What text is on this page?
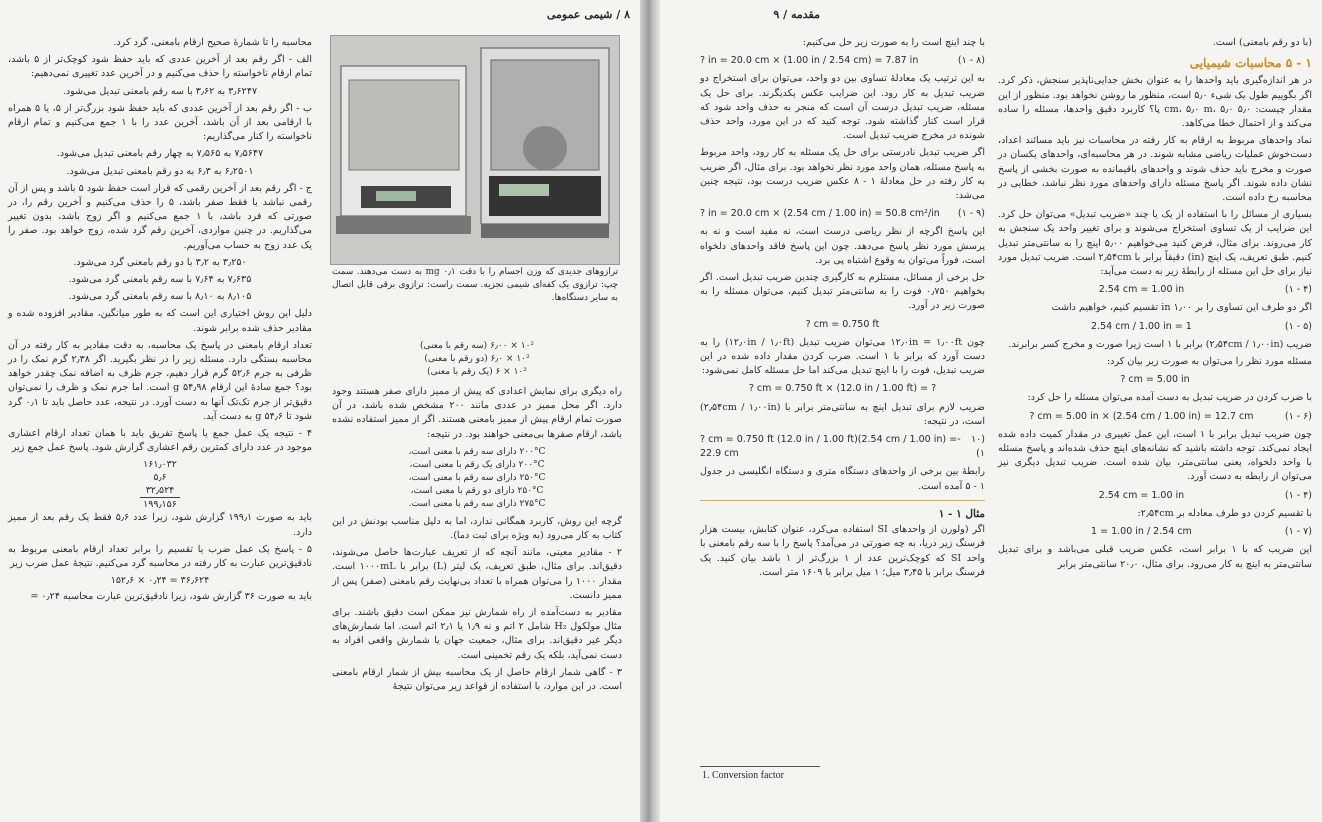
۸ / شیمی عمومی

محاسبه را تا شمارهٔ صحیح ارقام بامعنی، گرد کرد.

الف - اگر رقم بعد از آخرین عددی که باید حفظ شود کوچک‌تر از ۵ باشد، تمام ارقام ناخواسته را حذف می‌کنیم و در آخرین عدد تغییری نمی‌دهیم:

۳٫۶۲۴۷ به ۳٫۶۲ با سه رقم بامعنی تبدیل می‌شود.

ب - اگر رقم بعد از آخرین عددی که باید حفظ شود بزرگ‌تر از ۵، یا ۵ همراه با ارقامی بعد از آن باشد، آخرین عدد را با ۱ جمع می‌کنیم و تمام ارقام ناخواسته را کنار می‌گذاریم:

۷٫۵۶۴۷ به ۷٫۵۶۵ به چهار رقم بامعنی تبدیل می‌شود.

۶٫۲۵۰۱ به ۶٫۳ به دو رقم بامعنی تبدیل می‌شود.

ج - اگر رقم بعد از آخرین رقمی که قرار است حفظ شود ۵ باشد و پس از آن رقمی نباشد یا فقط صفر باشد، ۵ را حذف می‌کنیم و آخرین رقم را، در صورتی که فرد باشد، با ۱ جمع می‌کنیم و اگر زوج باشد، بدون تغییر می‌گذاریم. در چنین مواردی، آخرین رقم گرد شده، زوج خواهد بود. صفر را یک عدد زوج به حساب می‌آوریم.

۳٫۲۵۰ به ۳٫۲ با دو رقم بامعنی گرد می‌شود.

۷٫۶۳۵ به ۷٫۶۴ با سه رقم بامعنی گرد می‌شود.

۸٫۱۰۵ به ۸٫۱۰ با سه رقم بامعنی گرد می‌شود.

دلیل این روش اختیاری این است که به طور میانگین، مقادیر افزوده شده و مقادیر حذف شده برابر شوند.

تعداد ارقام بامعنی در پاسخ یک محاسبه، به دقت مقادیر به کار رفته در آن محاسبه بستگی دارد. مسئله زیر را در نظر بگیرید. اگر ۲٫۳۸ گرم نمک را در ظرفی به جرم ۵۲٫۶ گرم قرار دهیم، جرم ظرف به اضافه نمک چقدر خواهد بود؟ جمع سادهٔ این ارقام ۵۴٫۹۸ g است. اما جرم نمک و ظرف را نمی‌توان دقیق‌تر از جرم تک‌تک آنها به دست آورد. در نتیجه، عدد حاصل باید تا ۰٫۱ گرد شود تا ۵۴٫۶ g به دست آید.

۴ - نتیجه یک عمل جمع یا پاسخ تفریق باید با همان تعداد ارقام اعشاری موجود در عدد دارای کمترین رقم اعشاری گزارش شود. پاسخ عمل جمع زیر

۱۶۱٫۰۳۲
۵٫۶
۳۲٫۵۲۴
۱۹۹٫۱۵۶

باید به صورت ۱۹۹٫۱ گزارش شود، زیرا عدد ۵٫۶ فقط یک رقم بعد از ممیز دارد.

۵ - پاسخ یک عمل ضرب یا تقسیم را برابر تعداد ارقام بامعنی مربوط به نادقیق‌ترین عبارت به کار رفته در محاسبه گرد می‌کنیم. نتیجهٔ عمل ضرب زیر

۱۵۲٫۶ × ۰٫۲۴ = ۳۶٫۶۲۴

باید به صورت ۳۶ گزارش شود، زیرا نادقیق‌ترین عبارت محاسبه ۰٫۲۴ =

ترازوهای جدیدی که وزن اجسام را با دقت mg ۰٫۱ به دست می‌دهند. سمت چپ: ترازوی یک کفه‌ای شیمی تجزیه. سمت راست: ترازوی برقی قابل اتصال به سایر دستگاه‌ها.
۱۰² × ۶٫۰۰ (سه رقم با معنی)
۱۰² × ۶٫۰ (دو رقم با معنی)
۱۰² × ۶ (یک رقم با معنی)

راه دیگری برای نمایش اعدادی که پیش از ممیز دارای صفر هستند وجود دارد. اگر محل ممیز در عددی مانند ۲۰۰ مشخص شده باشد، در آن صورت تمام ارقام پیش از ممیز بامعنی هستند. اگر از ممیز استفاده نشده باشد، ارقام صفرها بی‌معنی خواهند بود. در نتیجه:

۲۰۰°C دارای سه رقم با معنی است،
۲۰۰°C دارای یک رقم با معنی است،
۲۵۰°C دارای سه رقم با معنی است،
۲۵۰°C دارای دو رقم با معنی است،
۲۷۵°C دارای سه رقم با معنی است.

گرچه این روش، کاربرد همگانی ندارد، اما به دلیل مناسب بودنش در این کتاب به کار می‌رود (به ویژه برای ثبت دما).

۲ - مقادیر معینی، مانند آنچه که از تعریف عبارت‌ها حاصل می‌شوند، دقیق‌اند. برای مثال، طبق تعریف، یک لیتر (L) برابر با ۱۰۰۰mL است. مقدار ۱۰۰۰ را می‌توان همراه با تعداد بی‌نهایت رقم بامعنی (صفر) پس از ممیز دانست.

مقادیر به دست‌آمده از راه شمارش نیز ممکن است دقیق باشند. برای مثال مولکول H₂ شامل ۲ اتم و نه ۱٫۹ یا ۲٫۱ اتم است. اما شمارش‌های دیگر غیر دقیق‌اند. برای مثال، جمعیت جهان یا شمارش واقعی افراد به دست نمی‌آید، بلکه یک رقم تخمینی است.

۳ - گاهی شمار ارقام حاصل از یک محاسبه بیش از شمار ارقام بامعنی است. در این موارد، با استفاده از قواعد زیر می‌توان نتیجهٔ

مقدمه / ۹

(با دو رقم بامعنی) است.

۱ - ۵ محاسبات شیمیایی

در هر اندازه‌گیری باید واحدها را به عنوان بخش جدایی‌ناپذیر سنجش، ذکر کرد. اگر بگوییم طول یک شیء ۵٫۰ است، منظور ما روشن نخواهد بود. منظور از این مقدار چیست: ۵٫۰ cm، ۵٫۰ m، ۵٫۰ پا؟ کاربرد دقیق واحدها، مسئله را ساده می‌کند و از احتمال خطا می‌کاهد.

نماد واحدهای مربوط به ارقام به کار رفته در محاسبات نیز باید مسائند اعداد، دست‌خوش عملیات ریاضی مشابه شوند. در هر محاسبه‌ای، واحدهای یکسان در صورت و مخرج باید حذف شوند و واحدهای باقیمانده به صورت بخشی از پاسخ نشان داده شوند. اگر پاسخ مسئله دارای واحدهای مورد نظر نباشد، خطایی در محاسبه رخ داده است.

بسیاری از مسائل را با استفاده از یک یا چند «ضریب تبدیل» می‌توان حل کرد. این ضرایب از یک تساوی استخراج می‌شوند و برای تغییر واحد یک سنجش به کار می‌روند. برای مثال، فرض کنید می‌خواهیم ۵٫۰۰ اینچ را به سانتی‌متر تبدیل کنیم. طبق تعریف، یک اینچ (in) دقیقاً برابر با ۲٫۵۴cm است. ضریب تبدیل مورد نیاز برای حل این مسئله از رابطهٔ زیر به دست می‌آید:

(۴ - ۱)
2.54 cm = 1.00 in

اگر دو طرف این تساوی را بر ۱٫۰۰ in تقسیم کنیم، خواهیم داشت

(۵ - ۱)
2.54 cm / 1.00 in = 1

ضریب (۲٫۵۴cm / ۱٫۰۰in) برابر با ۱ است زیرا صورت و مخرج کسر برابرند.

مسئله مورد نظر را می‌توان به صورت زیر بیان کرد:

? cm = 5.00 in

با ضرب کردن در ضریب تبدیل به دست آمده می‌توان مسئله را حل کرد:

(۶ - ۱)
? cm = 5.00 in × (2.54 cm / 1.00 in) = 12.7 cm

چون ضریب تبدیل برابر با ۱ است، این عمل تغییری در مقدار کمیت داده شده ایجاد نمی‌کند. توجه داشته باشید که نشانه‌های اینچ حذف شده‌اند و پاسخ مسئله با واحد دلخواه، یعنی سانتی‌متر، بیان شده است. ضریب تبدیل دیگری نیز می‌توان از رابطه به دست آورد.

(۴ - ۱)
2.54 cm = 1.00 in

با تقسیم کردن دو طرف معادله بر ۲٫۵۴cm:

(۷ - ۱)
1 = 1.00 in / 2.54 cm

این ضریب که با ۱ برابر است، عکس ضریب قبلی می‌باشد و برای تبدیل سانتی‌متر به اینچ به کار می‌رود. برای مثال، ۲۰٫۰ سانتی‌متر برابر

با چند اینچ است را به صورت زیر حل می‌کنیم:

(۸ - ۱)
? in = 20.0 cm × (1.00 in / 2.54 cm) = 7.87 in

به این ترتیب یک معادلهٔ تساوی بین دو واحد، می‌توان برای استخراج دو ضریب تبدیل به کار رود. این ضرایب عکس یکدیگرند. برای حل یک مسئله، ضریب تبدیل درست آن است که منجر به حذف واحد شود که قرار است کنار گذاشته شود. توجه کنید که در این مورد، واحد حذف شونده در مخرج ضریب تبدیل است.

اگر ضریب تبدیل نادرستی برای حل یک مسئله به کار رود، واحد مربوط به پاسخ مسئله، همان واحد مورد نظر نخواهد بود. برای مثال، اگر ضریب به کار رفته در حل معادلهٔ ۱ - ۸ عکس ضریب درست بود، نتیجه چنین می‌شد:

(۹ - ۱)
? in = 20.0 cm × (2.54 cm / 1.00 in) = 50.8 cm²/in

این پاسخ اگرچه از نظر ریاضی درست است، نه مفید است و نه به پرسش مورد نظر پاسخ می‌دهد. چون این پاسخ فاقد واحدهای دلخواه است، فوراً می‌توان به وقوع اشتباه پی برد.

حل برخی از مسائل، مستلزم به کارگیری چندین ضریب تبدیل است. اگر بخواهیم ۰٫۷۵۰ فوت را به سانتی‌متر تبدیل کنیم، می‌توان مسئله را به صورت زیر در آورد.

? cm = 0.750 ft

چون ۱۲٫۰in = ۱٫۰۰ft می‌توان ضریب تبدیل (۱۲٫۰in / ۱٫۰ft) را به دست آورد که برابر با ۱ است. ضرب کردن مقدار داده شده در این ضریب تبدیل، فوت را با اینچ تبدیل می‌کند اما حل مسئله کامل نمی‌شود:

? cm = 0.750 ft × (12.0 in / 1.00 ft) = ?

ضریب لازم برای تبدیل اینچ به سانتی‌متر برابر با (۲٫۵۴cm / ۱٫۰۰in) است، در نتیجه:

(۱۰ - ۱)
? cm = 0.750 ft (12.0 in / 1.00 ft)(2.54 cm / 1.00 in) = 22.9 cm

رابطهٔ بین برخی از واحدهای دستگاه متری و دستگاه انگلیسی در جدول ۱ - ۵ آمده است.

مثال ۱ - ۱

اگر (ولورن از واحدهای SI استفاده می‌کرد، عنوان کتابش، بیست هزار فرسنگ زیر دریا، به چه صورتی در می‌آمد؟ پاسخ را با سه رقم بامعنی با واحد SI که کوچک‌ترین عدد از ۱ بزرگ‌تر از ۱ باشد بیان کنید. یک فرسنگ برابر با ۳٫۴۵ میل؛ ۱ میل برابر با ۱۶۰۹ متر است.

1. Conversion factor
